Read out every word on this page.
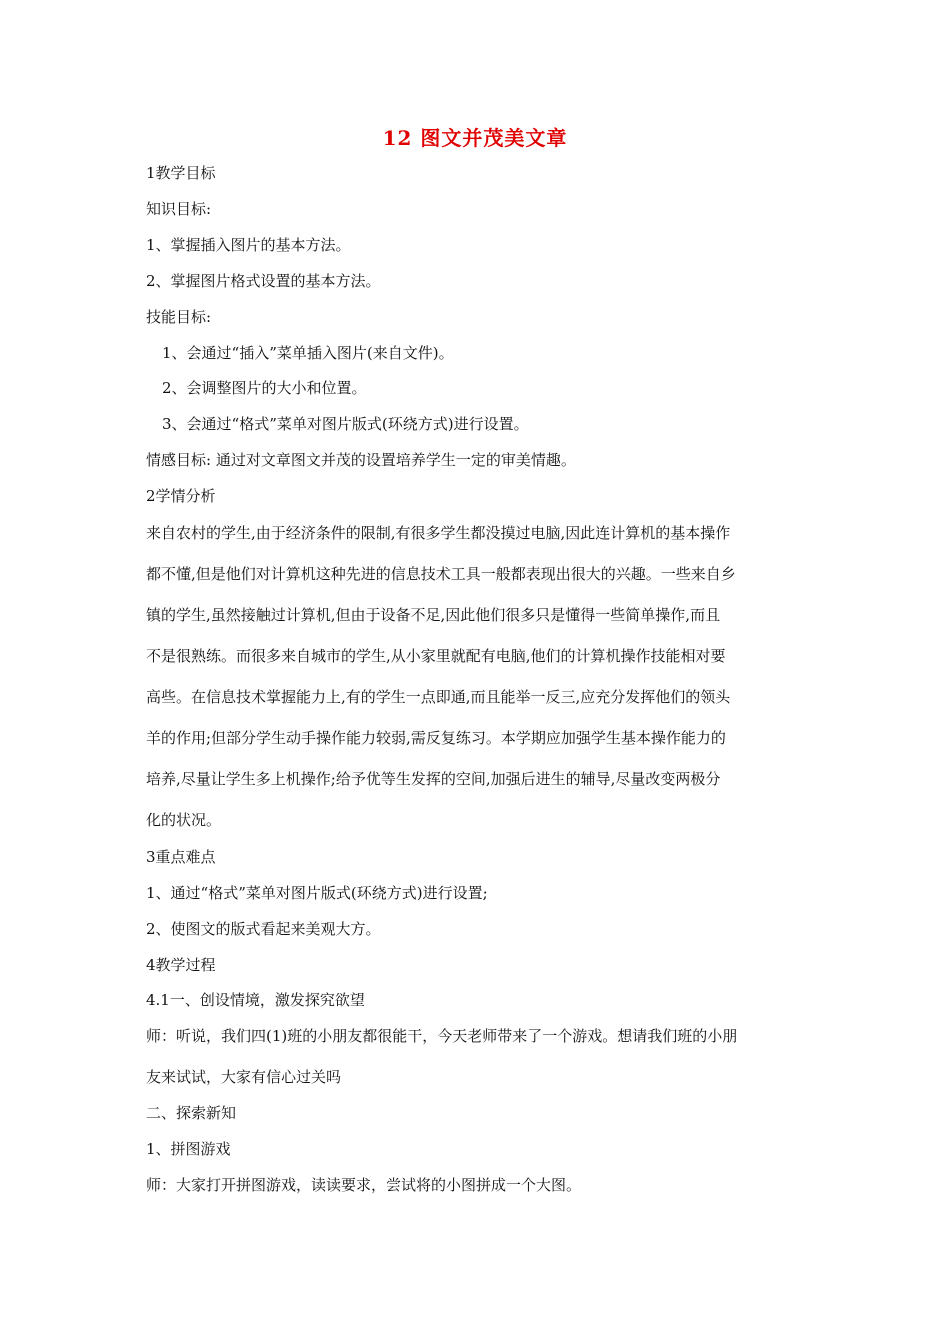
12 图文并茂美文章
1教学目标
知识目标:
1、掌握插入图片的基本方法。
2、掌握图片格式设置的基本方法。
技能目标:
1、会通过“插入”菜单插入图片(来自文件)。
2、会调整图片的大小和位置。
3、会通过“格式”菜单对图片版式(环绕方式)进行设置。
情感目标: 通过对文章图文并茂的设置培养学生一定的审美情趣。
2学情分析
来自农村的学生,由于经济条件的限制,有很多学生都没摸过电脑,因此连计算机的基本操作
都不懂,但是他们对计算机这种先进的信息技术工具一般都表现出很大的兴趣。一些来自乡
镇的学生,虽然接触过计算机,但由于设备不足,因此他们很多只是懂得一些简单操作,而且
不是很熟练。而很多来自城市的学生,从小家里就配有电脑,他们的计算机操作技能相对要
高些。在信息技术掌握能力上,有的学生一点即通,而且能举一反三,应充分发挥他们的领头
羊的作用;但部分学生动手操作能力较弱,需反复练习。本学期应加强学生基本操作能力的
培养,尽量让学生多上机操作;给予优等生发挥的空间,加强后进生的辅导,尽量改变两极分
化的状况。
3重点难点
1、通过“格式”菜单对图片版式(环绕方式)进行设置;
2、使图文的版式看起来美观大方。
4教学过程
4.1一、创设情境，激发探究欲望
师：听说，我们四(1)班的小朋友都很能干，今天老师带来了一个游戏。想请我们班的小朋
友来试试，大家有信心过关吗
二、探索新知
1、拼图游戏
师：大家打开拼图游戏，读读要求，尝试将的小图拼成一个大图。
